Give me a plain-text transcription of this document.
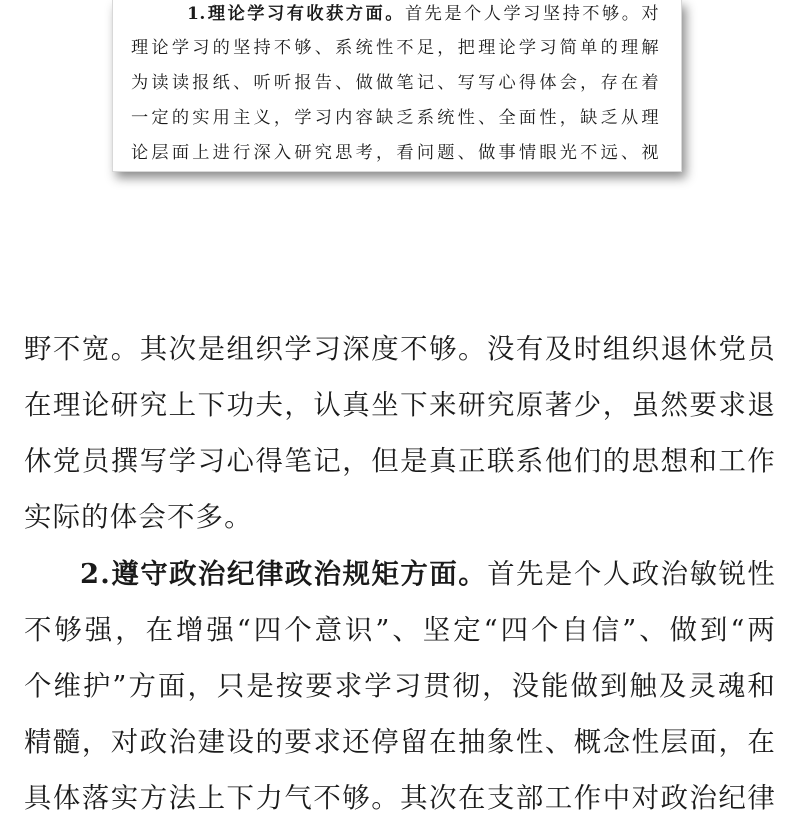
1.理论学习有收获方面。首先是个人学习坚持不够。对
理论学习的坚持不够、系统性不足，把理论学习简单的理解
为读读报纸、听听报告、做做笔记、写写心得体会，存在着
一定的实用主义，学习内容缺乏系统性、全面性，缺乏从理
论层面上进行深入研究思考，看问题、做事情眼光不远、视
野不宽。其次是组织学习深度不够。没有及时组织退休党员
在理论研究上下功夫，认真坐下来研究原著少，虽然要求退
休党员撰写学习心得笔记，但是真正联系他们的思想和工作
实际的体会不多。
2.遵守政治纪律政治规矩方面。首先是个人政治敏锐性
不够强，在增强“四个意识”、坚定“四个自信”、做到“两
个维护”方面，只是按要求学习贯彻，没能做到触及灵魂和
精髓，对政治建设的要求还停留在抽象性、概念性层面，在
具体落实方法上下力气不够。其次在支部工作中对政治纪律
